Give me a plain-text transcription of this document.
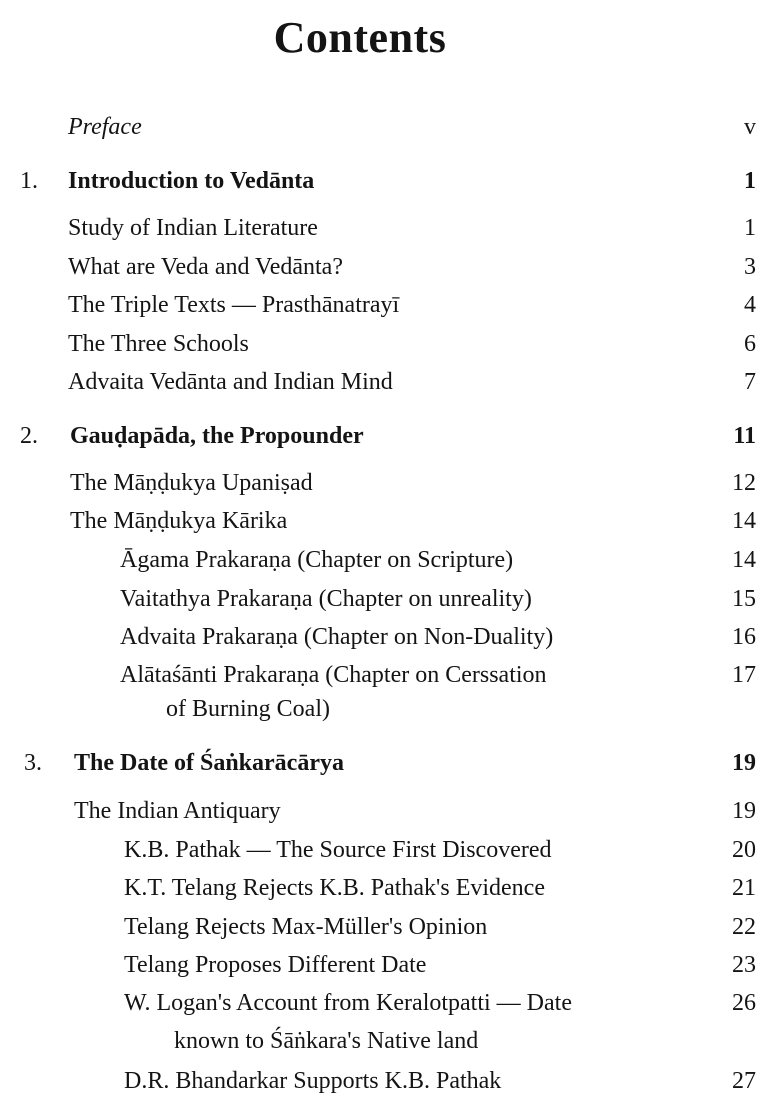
Contents
Preface	v
1. Introduction to Vedānta	1
Study of Indian Literature	1
What are Veda and Vedānta?	3
The Triple Texts — Prasthānatrayī	4
The Three Schools	6
Advaita Vedānta and Indian Mind	7
2. Gauḍapāda, the Propounder	11
The Māṇḍukya Upaniṣad	12
The Māṇḍukya Kārika	14
Āgama Prakaraṇa (Chapter on Scripture)	14
Vaitathya Prakaraṇa (Chapter on unreality)	15
Advaita Prakaraṇa (Chapter on Non-Duality)	16
Alātaśānti Prakaraṇa (Chapter on Cerssation	17
of Burning Coal)
3. The Date of Śaṅkarācārya	19
The Indian Antiquary	19
K.B. Pathak — The Source First Discovered	20
K.T. Telang Rejects K.B. Pathak's Evidence	21
Telang Rejects Max-Müller's Opinion	22
Telang Proposes Different Date	23
W. Logan's Account from Keralotpatti — Date	26
known to Śāṅkara's Native land
D.R. Bhandarkar Supports K.B. Pathak	27
